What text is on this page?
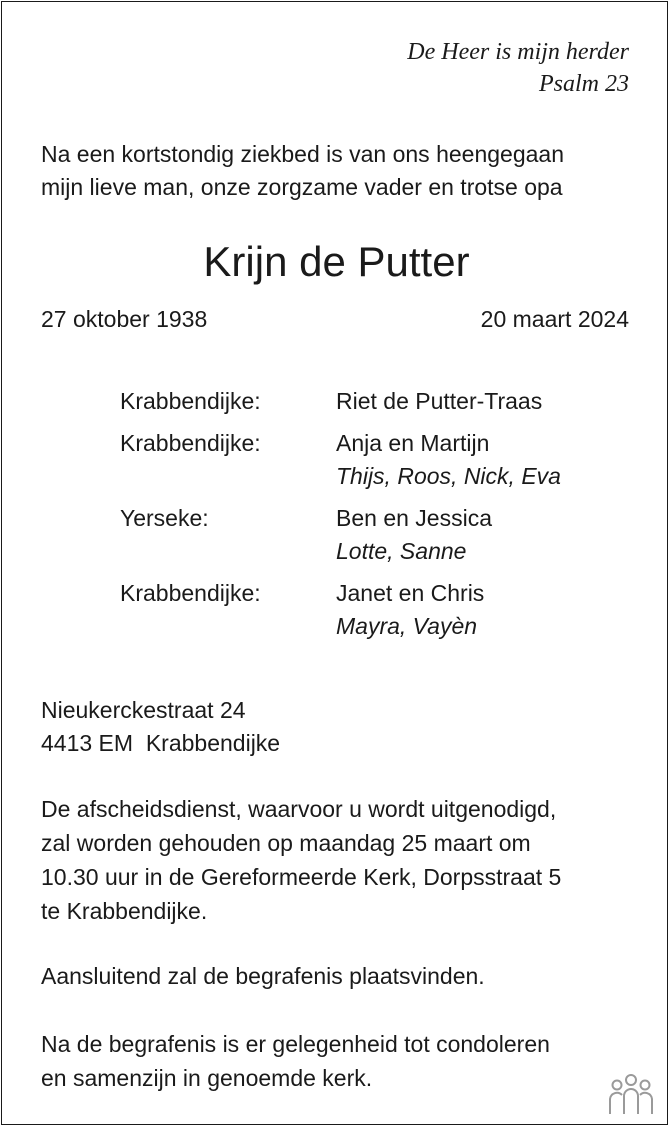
De Heer is mijn herder
Psalm 23
Na een kortstondig ziekbed is van ons heengegaan
mijn lieve man, onze zorgzame vader en trotse opa
Krijn de Putter
27 oktober 1938	20 maart 2024
Krabbendijke:	Riet de Putter-Traas
Krabbendijke:	Anja en Martijn
Thijs, Roos, Nick, Eva
Yerseke:	Ben en Jessica
Lotte, Sanne
Krabbendijke:	Janet en Chris
Mayra, Vayèn
Nieukerckestraat 24
4413 EM  Krabbendijke
De afscheidsdienst, waarvoor u wordt uitgenodigd,
zal worden gehouden op maandag 25 maart om
10.30 uur in de Gereformeerde Kerk, Dorpsstraat 5
te Krabbendijke.
Aansluitend zal de begrafenis plaatsvinden.
Na de begrafenis is er gelegenheid tot condoleren
en samenzijn in genoemde kerk.
